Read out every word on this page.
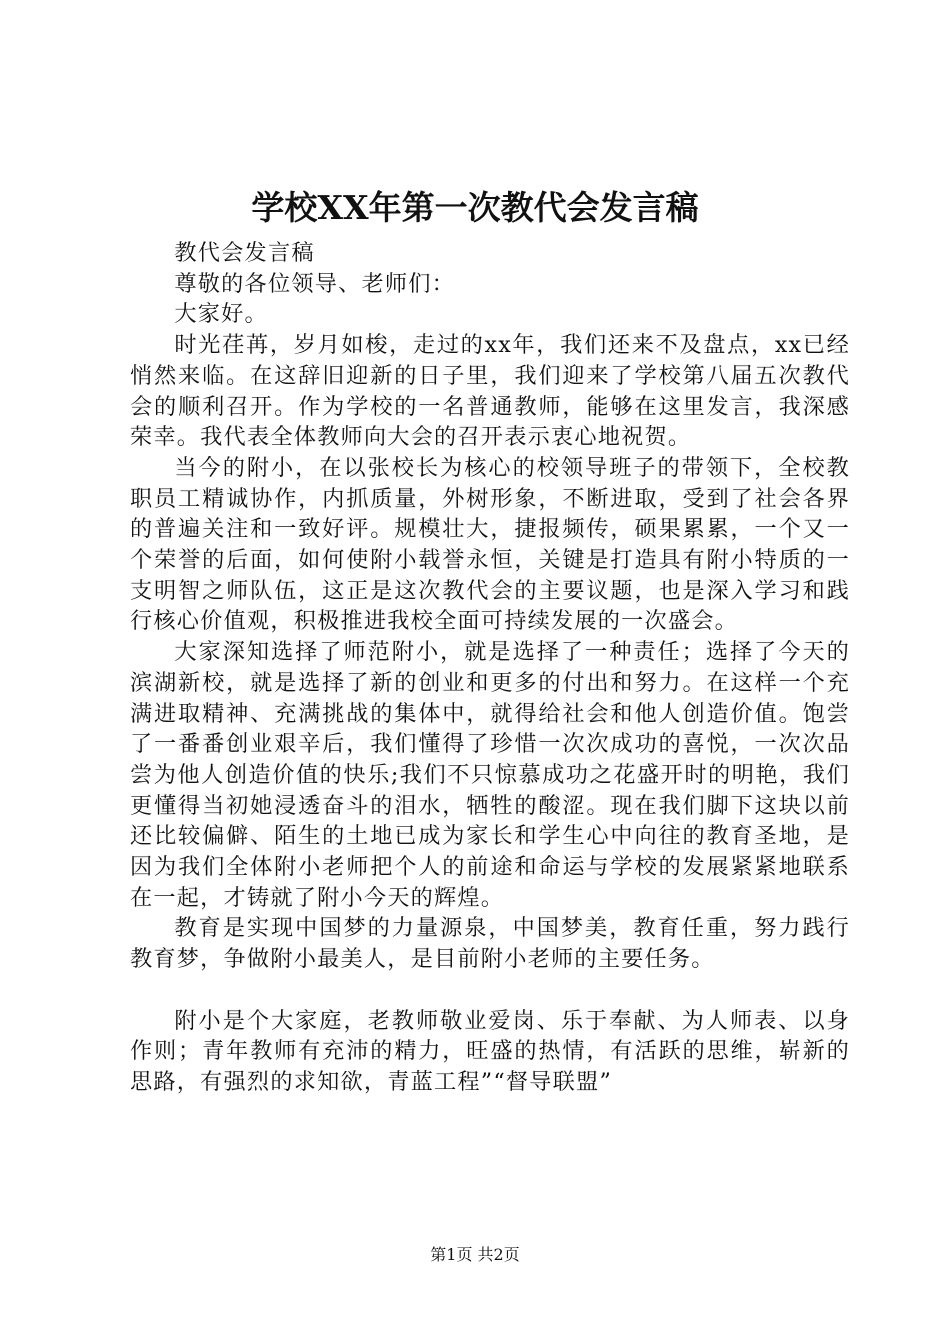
学校XX年第一次教代会发言稿

教代会发言稿

尊敬的各位领导、老师们：

大家好。

时光荏苒，岁月如梭，走过的xx年，我们还来不及盘点，xx已经悄然来临。在这辞旧迎新的日子里，我们迎来了学校第八届五次教代会的顺利召开。作为学校的一名普通教师，能够在这里发言，我深感荣幸。我代表全体教师向大会的召开表示衷心地祝贺。

当今的附小，在以张校长为核心的校领导班子的带领下，全校教职员工精诚协作，内抓质量，外树形象，不断进取，受到了社会各界的普遍关注和一致好评。规模壮大，捷报频传，硕果累累，一个又一个荣誉的后面，如何使附小载誉永恒，关键是打造具有附小特质的一支明智之师队伍，这正是这次教代会的主要议题，也是深入学习和践行核心价值观，积极推进我校全面可持续发展的一次盛会。

大家深知选择了师范附小，就是选择了一种责任；选择了今天的滨湖新校，就是选择了新的创业和更多的付出和努力。在这样一个充满进取精神、充满挑战的集体中，就得给社会和他人创造价值。饱尝了一番番创业艰辛后，我们懂得了珍惜一次次成功的喜悦，一次次品尝为他人创造价值的快乐;我们不只惊慕成功之花盛开时的明艳，我们更懂得当初她浸透奋斗的泪水，牺牲的酸涩。现在我们脚下这块以前还比较偏僻、陌生的土地已成为家长和学生心中向往的教育圣地，是因为我们全体附小老师把个人的前途和命运与学校的发展紧紧地联系在一起，才铸就了附小今天的辉煌。

教育是实现中国梦的力量源泉，中国梦美，教育任重，努力践行教育梦，争做附小最美人，是目前附小老师的主要任务。

附小是个大家庭，老教师敬业爱岗、乐于奉献、为人师表、以身作则；青年教师有充沛的精力，旺盛的热情，有活跃的思维，崭新的思路，有强烈的求知欲，青蓝工程”“督导联盟”

第1页 共2页
